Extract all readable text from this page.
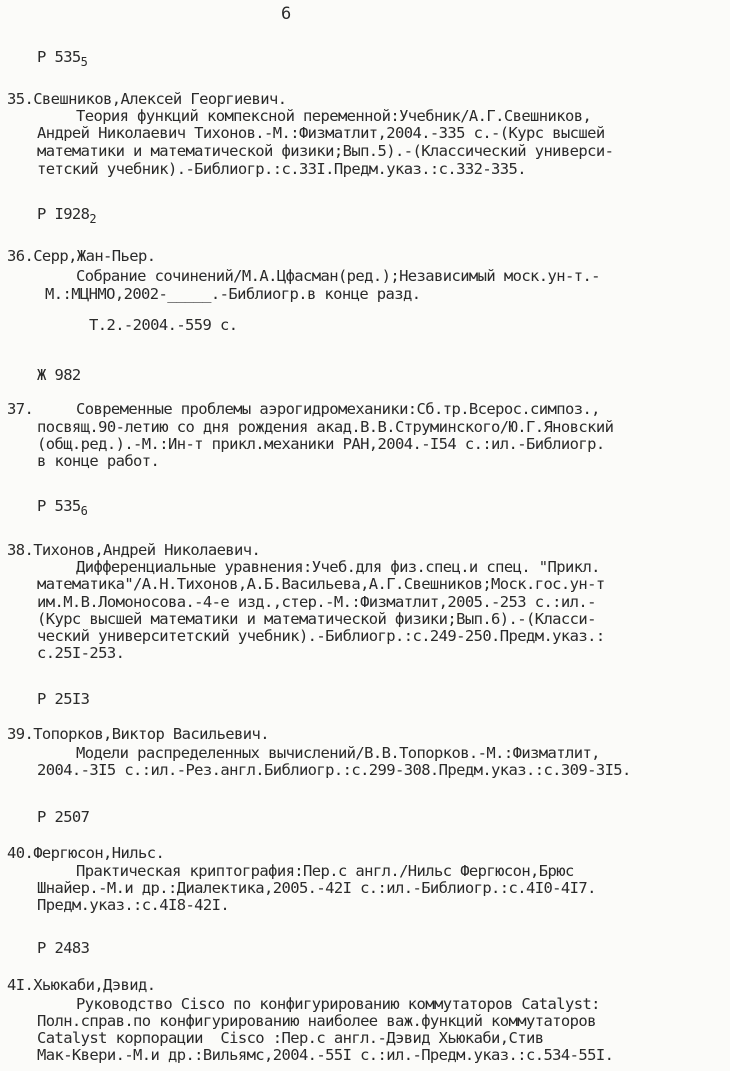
6
Р $535_5$
35.Свешников,Алексей Георгиевич.
Теория функций компексной переменной:Учебник/А.Г.Свешников,
Андрей Николаевич Тихонов.-М.:Физматлит,2004.-335 с.-(Курс высшей
математики и математической физики;Вып.5).-(Классический универси-
тетский учебник).-Библиогр.:с.33I.Предм.указ.:с.332-335.
Р $I928_2$
36.Серр,Жан-Пьер.
Собрание сочинений/М.А.Цфасман(ред.);Независимый моск.ун-т.-
М.:МЦНМО,2002-_____.-Библиогр.в конце разд.
Т.2.-2004.-559 с.
Ж 982
37.	Современные проблемы аэрогидромеханики:Сб.тр.Всерос.симпоз.,
посвящ.90-летию со дня рождения акад.В.В.Струминского/Ю.Г.Яновский
(общ.ред.).-М.:Ин-т прикл.механики РАН,2004.-I54 с.:ил.-Библиогр.
в конце работ.
Р $535_6$
38.Тихонов,Андрей Николаевич.
Дифференциальные уравнения:Учеб.для физ.спец.и спец. "Прикл.
математика"/А.Н.Тихонов,А.Б.Васильева,А.Г.Свешников;Моск.гос.ун-т
им.М.В.Ломоносова.-4-е изд.,стер.-М.:Физматлит,2005.-253 с.:ил.-
(Курс высшей математики и математической физики;Вып.6).-(Класси-
ческий университетский учебник).-Библиогр.:с.249-250.Предм.указ.:
с.25I-253.
Р 25I3
39.Топорков,Виктор Васильевич.
Модели распределенных вычислений/В.В.Топорков.-М.:Физматлит,
2004.-3I5 с.:ил.-Рез.англ.Библиогр.:с.299-308.Предм.указ.:с.309-3I5.
Р 2507
40.Фергюсон,Нильс.
Практическая криптография:Пер.с англ./Нильс Фергюсон,Брюс
Шнайер.-М.и др.:Диалектика,2005.-42I с.:ил.-Библиогр.:с.4I0-4I7.
Предм.указ.:с.4I8-42I.
Р 2483
4I.Хьюкаби,Дэвид.
Руководство Cisco по конфигурированию коммутаторов Catalyst:
Полн.справ.по конфигурированию наиболее важ.функций коммутаторов
Catalyst корпорации  Cisco :Пер.с англ.-Дэвид Хьюкаби,Стив
Мак-Квери.-М.и др.:Вильямс,2004.-55I с.:ил.-Предм.указ.:с.534-55I.
